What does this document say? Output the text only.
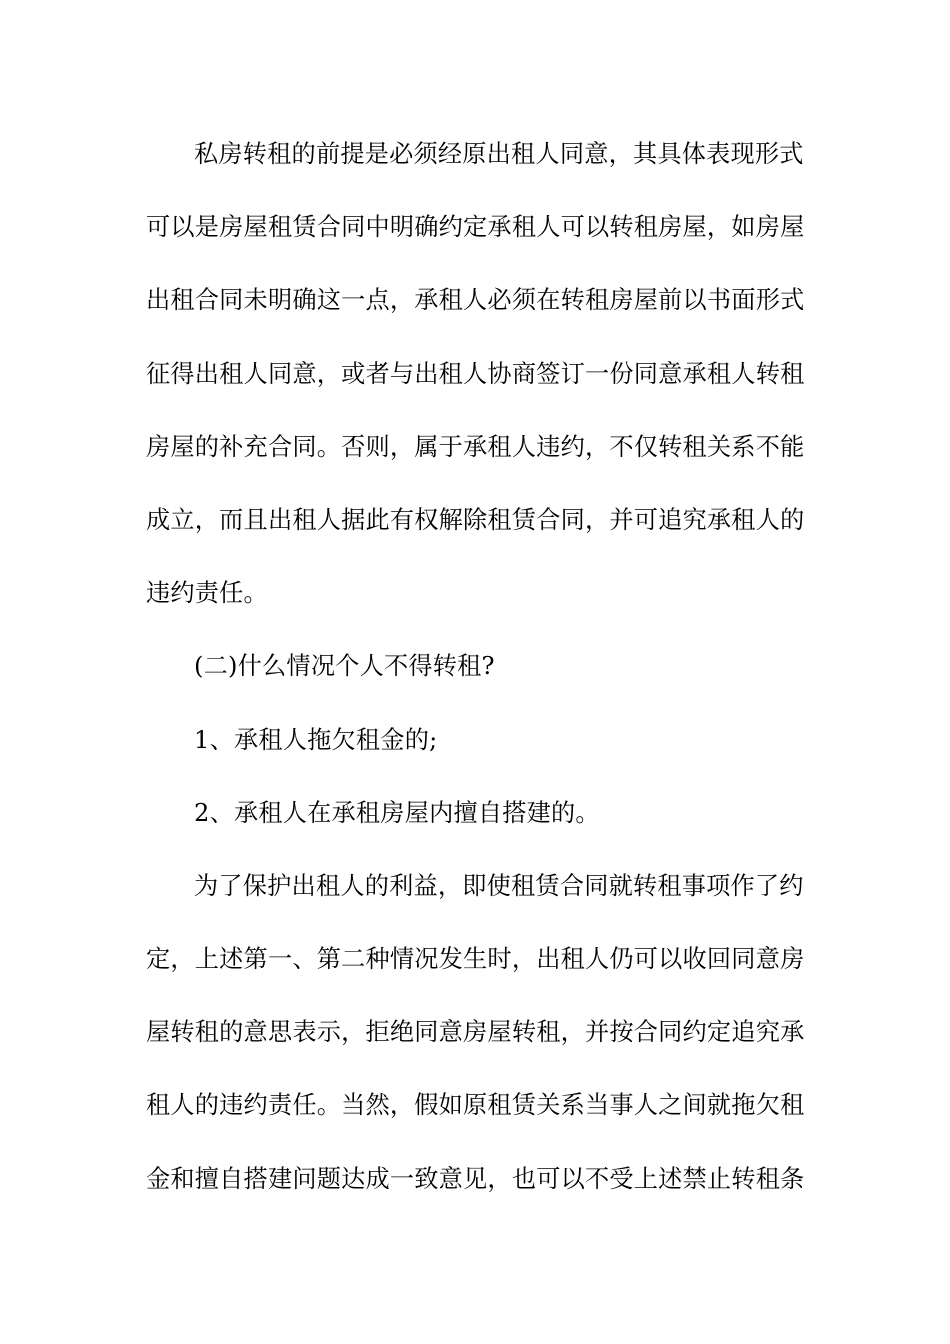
私房转租的前提是必须经原出租人同意，其具体表现形式
可以是房屋租赁合同中明确约定承租人可以转租房屋，如房屋
出租合同未明确这一点，承租人必须在转租房屋前以书面形式
征得出租人同意，或者与出租人协商签订一份同意承租人转租
房屋的补充合同。否则，属于承租人违约，不仅转租关系不能
成立，而且出租人据此有权解除租赁合同，并可追究承租人的
违约责任。
(二)什么情况个人不得转租?
1、承租人拖欠租金的;
2、承租人在承租房屋内擅自搭建的。
为了保护出租人的利益，即使租赁合同就转租事项作了约
定，上述第一、第二种情况发生时，出租人仍可以收回同意房
屋转租的意思表示，拒绝同意房屋转租，并按合同约定追究承
租人的违约责任。当然，假如原租赁关系当事人之间就拖欠租
金和擅自搭建问题达成一致意见，也可以不受上述禁止转租条
